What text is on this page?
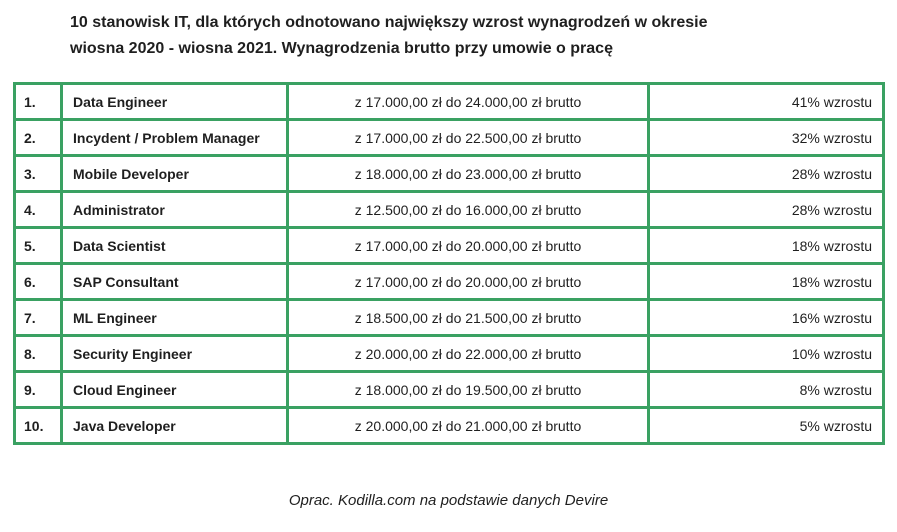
10 stanowisk IT, dla których odnotowano największy wzrost wynagrodzeń w okresie
wiosna 2020 - wiosna 2021. Wynagrodzenia brutto przy umowie o pracę
1.	Data Engineer	z 17.000,00 zł do 24.000,00 zł brutto	41% wzrostu
2.	Incydent / Problem Manager	z 17.000,00 zł do 22.500,00 zł brutto	32% wzrostu
3.	Mobile Developer	z 18.000,00 zł do 23.000,00 zł brutto	28% wzrostu
4.	Administrator	z 12.500,00 zł do 16.000,00 zł brutto	28% wzrostu
5.	Data Scientist	z 17.000,00 zł do 20.000,00 zł brutto	18% wzrostu
6.	SAP Consultant	z 17.000,00 zł do 20.000,00 zł brutto	18% wzrostu
7.	ML Engineer	z 18.500,00 zł do 21.500,00 zł brutto	16% wzrostu
8.	Security Engineer	z 20.000,00 zł do 22.000,00 zł brutto	10% wzrostu
9.	Cloud Engineer	z 18.000,00 zł do 19.500,00 zł brutto	8% wzrostu
10.	Java Developer	z 20.000,00 zł do 21.000,00 zł brutto	5% wzrostu
Oprac. Kodilla.com na podstawie danych Devire
